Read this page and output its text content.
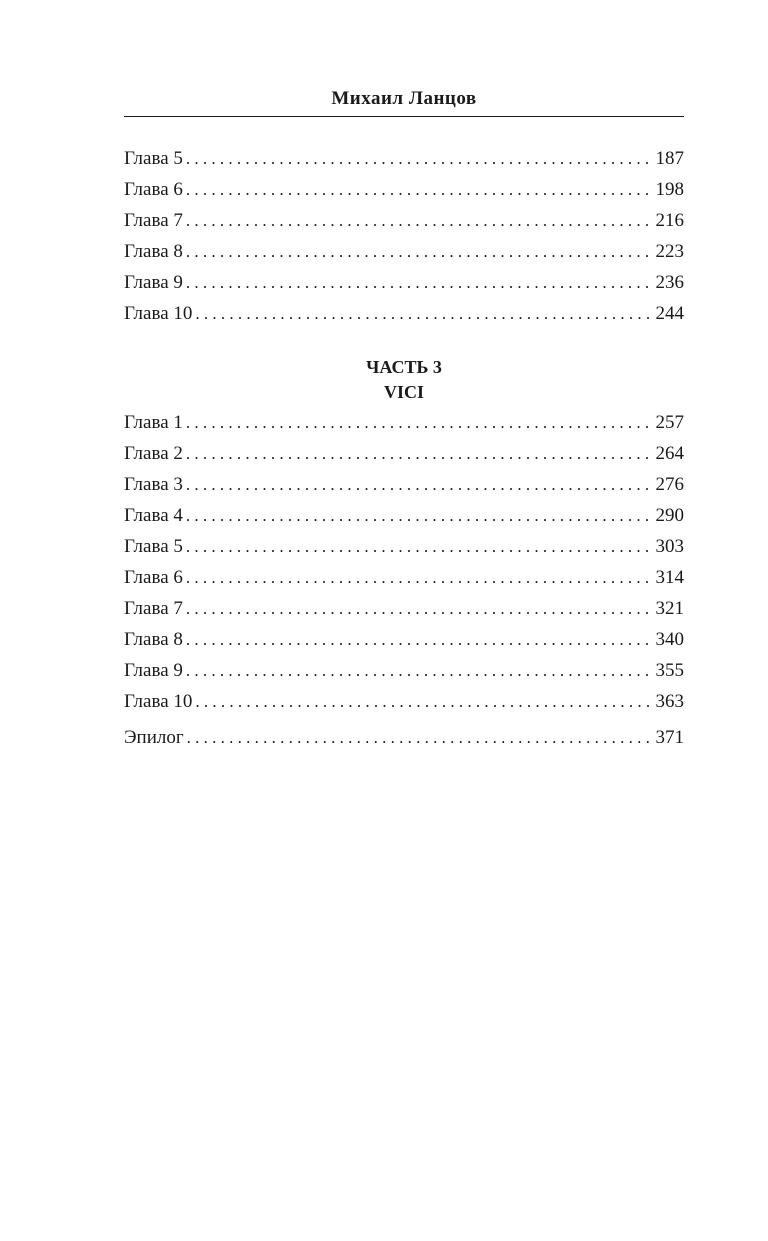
Михаил Ланцов
Глава 5 . . .	187
Глава 6 . . .	198
Глава 7 . . .	216
Глава 8 . . .	223
Глава 9 . . .	236
Глава 10 . . .	244
ЧАСТЬ 3
VICI
Глава 1 . . .	257
Глава 2 . . .	264
Глава 3 . . .	276
Глава 4 . . .	290
Глава 5 . . .	303
Глава 6 . . .	314
Глава 7 . . .	321
Глава 8 . . .	340
Глава 9 . . .	355
Глава 10 . . .	363
Эпилог . . .	371
